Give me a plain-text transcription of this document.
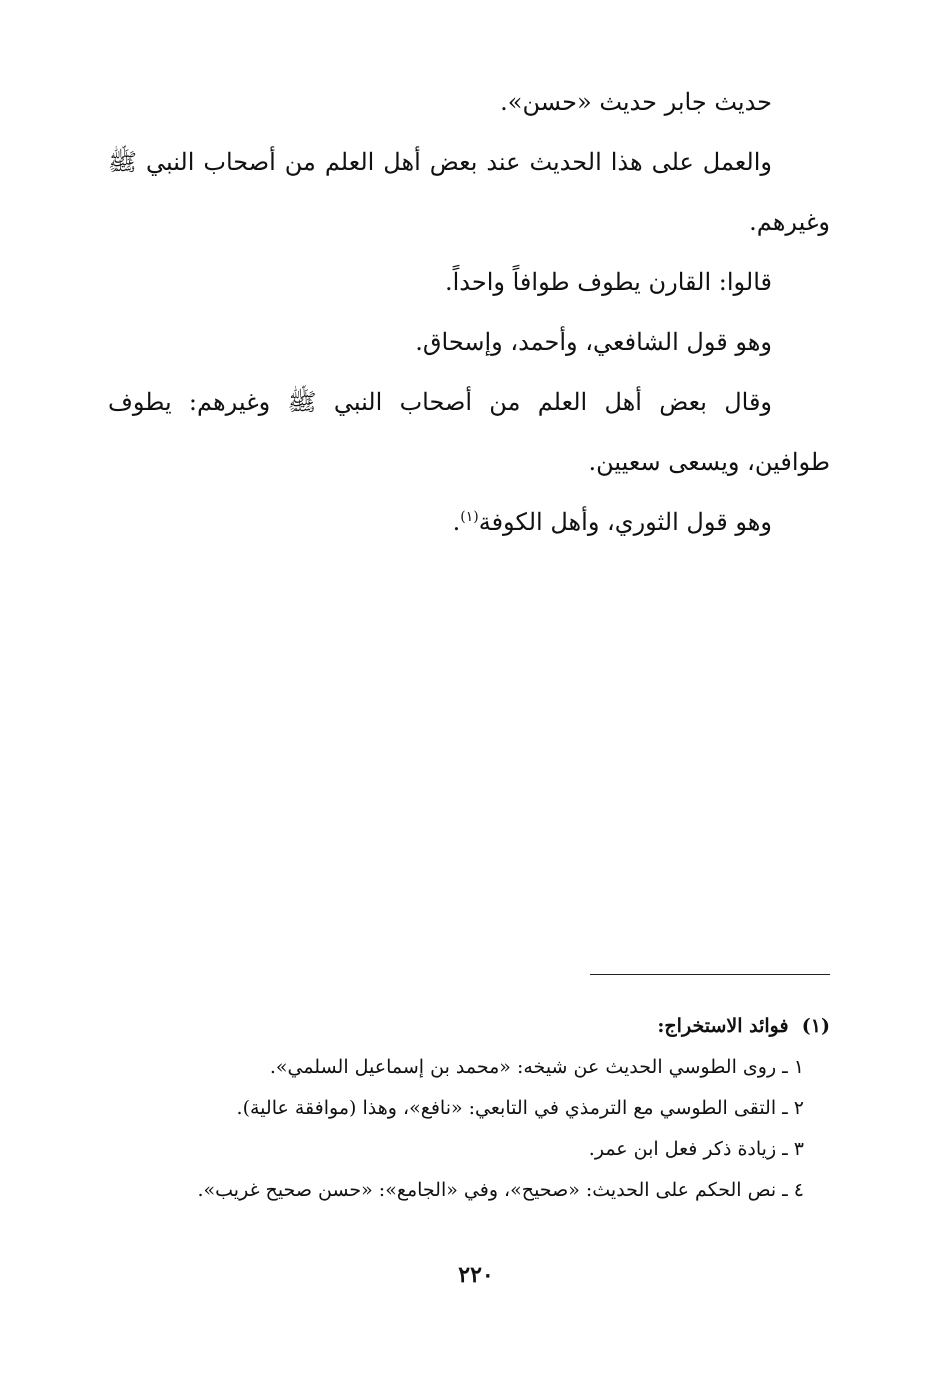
حديث جابر حديث «حسن».

والعمل على هذا الحديث عند بعض أهل العلم من أصحاب النبي ﷺ وغيرهم.

قالوا: القارن يطوف طوافاً واحداً.

وهو قول الشافعي، وأحمد، وإسحاق.

وقال بعض أهل العلم من أصحاب النبي ﷺ وغيرهم: يطوف طوافين، ويسعى سعيين.

وهو قول الثوري، وأهل الكوفة$^{(١)}$.

(١)  فوائد الاستخراج:

١ ـ روى الطوسي الحديث عن شيخه: «محمد بن إسماعيل السلمي».

٢ ـ التقى الطوسي مع الترمذي في التابعي: «نافع»، وهذا (موافقة عالية).

٣ ـ زيادة ذكر فعل ابن عمر.

٤ ـ نص الحكم على الحديث: «صحيح»، وفي «الجامع»: «حسن صحيح غريب».

٢٢٠
